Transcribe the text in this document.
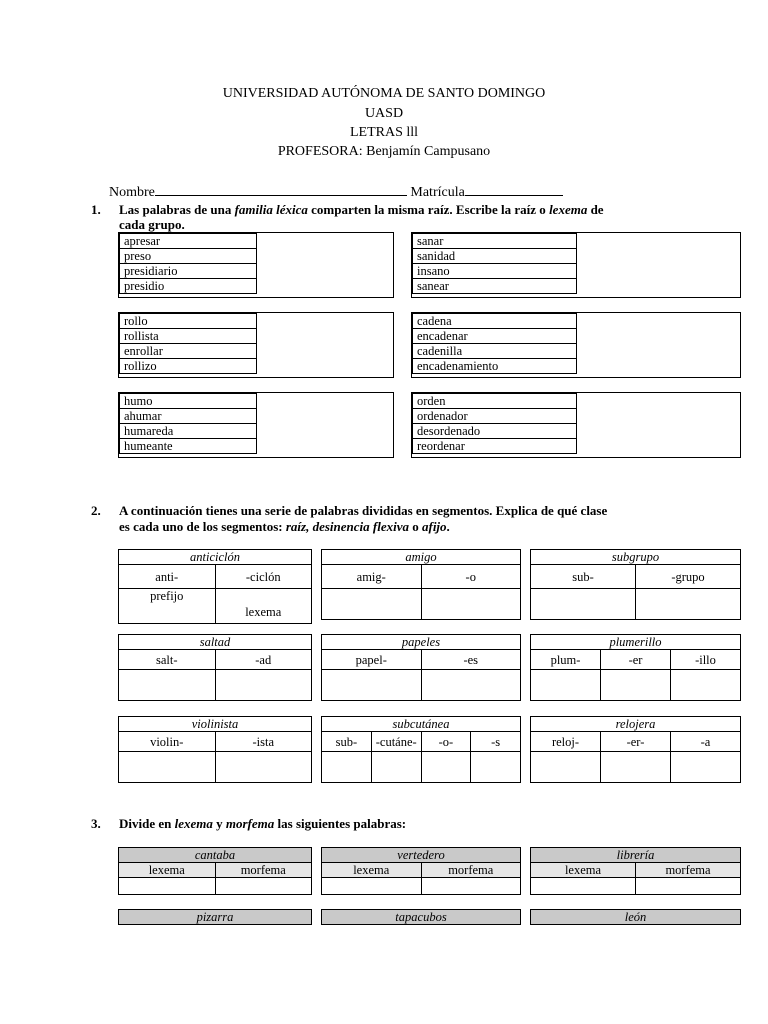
UNIVERSIDAD AUTÓNOMA DE SANTO DOMINGO
UASD
LETRAS lll
PROFESORA: Benjamín Campusano
Nombre	Matrícula
1. Las palabras de una familia léxica comparten la misma raíz. Escribe la raíz o lexema de
cada grupo.
apresar
preso
presidiario
presidio
sanar
sanidad
insano
sanear
rollo
rollista
enrollar
rollizo
cadena
encadenar
cadenilla
encadenamiento
humo
ahumar
humareda
humeante
orden
ordenador
desordenado
reordenar
2. A continuación tienes una serie de palabras divididas en segmentos. Explica de qué clase
es cada uno de los segmentos: raíz, desinencia flexiva o afijo.
anticiclón	
anti-	-ciclón
prefijo	lexema
amigo	
amig-	-o

subgrupo	
sub-	-grupo

saltad	
salt-	-ad

papeles	
papel-	-es

plumerillo		
plum-	-er	-illo

violinista	
violin-	-ista

subcutánea			
sub-	-cutáne-	-o-	-s

relojera		
reloj-	-er-	-a

3. Divide en lexema y morfema las siguientes palabras:
cantaba	
lexema	morfema

vertedero	
lexema	morfema

librería	
lexema	morfema

pizarra	tapacubos	león
